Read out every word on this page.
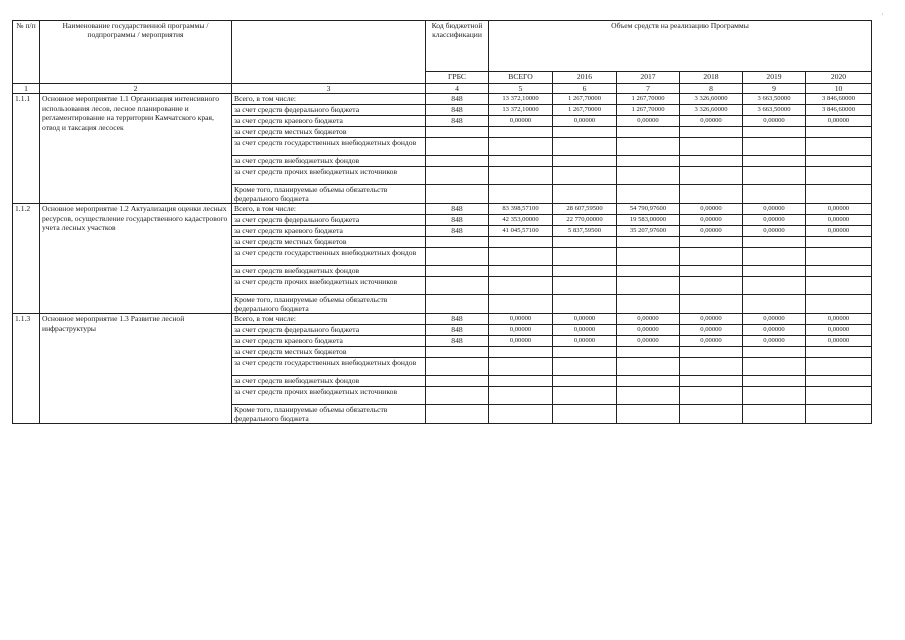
№ п/п	Наименование государственной программы / подпрограммы / мероприятия		Код бюджетной классификации	Объем средств на реализацию Программы					
			ГРБС	ВСЕГО	2016	2017	2018	2019	2020
1	2	3	4	5	6	7	8	9	10
1.1.1	Основное мероприятие 1.1 Организация интенсивного использования лесов, лесное планирование и регламентирование на территории Камчатского края, отвод и таксация лесосек	Всего, в том числе:	848	13 372,10000	1 267,70000	1 267,70000	3 326,60000	3 663,50000	3 846,60000
		за счет средств федерального бюджета	848	13 372,10000	1 267,70000	1 267,70000	3 326,60000	3 663,50000	3 846,60000
		за счет средств краевого бюджета	848	0,00000	0,00000	0,00000	0,00000	0,00000	0,00000
		за счет средств местных бюджетов							
		за счет средств государственных внебюджетных фондов							
		за счет средств внебюджетных фондов							
		за счет средств прочих внебюджетных источников							
		Кроме того, планируемые объемы обязательств федерального бюджета							
1.1.2	Основное мероприятие 1.2 Актуализация оценки лесных ресурсов, осуществление государственного кадастрового учета лесных участков	Всего, в том числе:	848	83 398,57100	28 607,59500	54 790,97600	0,00000	0,00000	0,00000
		за счет средств федерального бюджета	848	42 353,00000	22 770,00000	19 583,00000	0,00000	0,00000	0,00000
		за счет средств краевого бюджета	848	41 045,57100	5 837,59500	35 207,97600	0,00000	0,00000	0,00000
		за счет средств местных бюджетов							
		за счет средств государственных внебюджетных фондов							
		за счет средств внебюджетных фондов							
		за счет средств прочих внебюджетных источников							
		Кроме того, планируемые объемы обязательств федерального бюджета							
1.1.3	Основное мероприятие 1.3 Развитие лесной инфраструктуры	Всего, в том числе:	848	0,00000	0,00000	0,00000	0,00000	0,00000	0,00000
		за счет средств федерального бюджета	848	0,00000	0,00000	0,00000	0,00000	0,00000	0,00000
		за счет средств краевого бюджета	848	0,00000	0,00000	0,00000	0,00000	0,00000	0,00000
		за счет средств местных бюджетов							
		за счет средств государственных внебюджетных фондов							
		за счет средств внебюджетных фондов							
		за счет средств прочих внебюджетных источников							
		Кроме того, планируемые объемы обязательств федерального бюджета							
·
